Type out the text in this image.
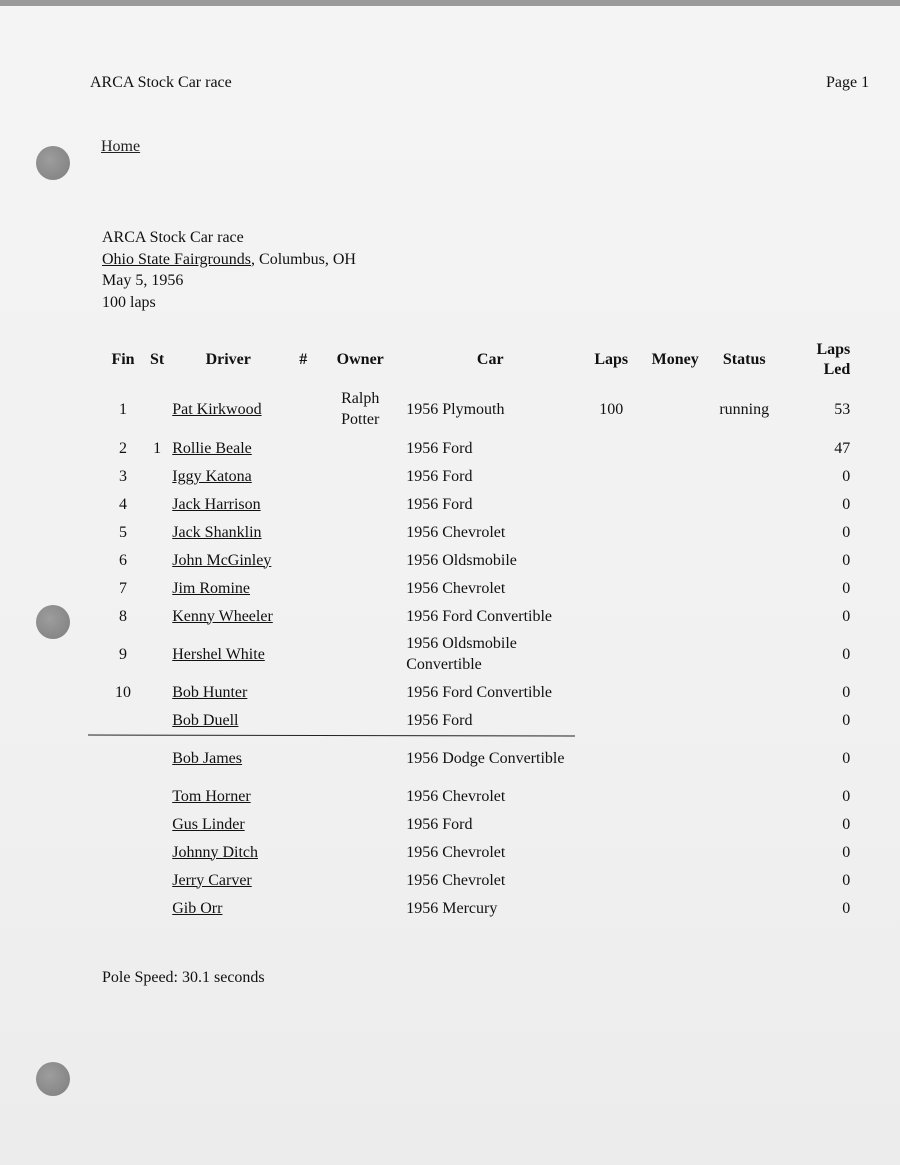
ARCA Stock Car race	Page 1
Home
ARCA Stock Car race
Ohio State Fairgrounds, Columbus, OH
May 5, 1956
100 laps
Fin	St	Driver	#	Owner	Car	Laps	Money	Status	Laps Led
1		Pat Kirkwood		Ralph Potter	1956 Plymouth	100		running	53
2	1	Rollie Beale			1956 Ford				47
3		Iggy Katona			1956 Ford				0
4		Jack Harrison			1956 Ford				0
5		Jack Shanklin			1956 Chevrolet				0
6		John McGinley			1956 Oldsmobile				0
7		Jim Romine			1956 Chevrolet				0
8		Kenny Wheeler			1956 Ford Convertible				0
9		Hershel White			1956 Oldsmobile Convertible				0
10		Bob Hunter			1956 Ford Convertible				0
		Bob Duell			1956 Ford				0
		Bob James			1956 Dodge Convertible				0
		Tom Horner			1956 Chevrolet				0
		Gus Linder			1956 Ford				0
		Johnny Ditch			1956 Chevrolet				0
		Jerry Carver			1956 Chevrolet				0
		Gib Orr			1956 Mercury				0
Pole Speed: 30.1 seconds
